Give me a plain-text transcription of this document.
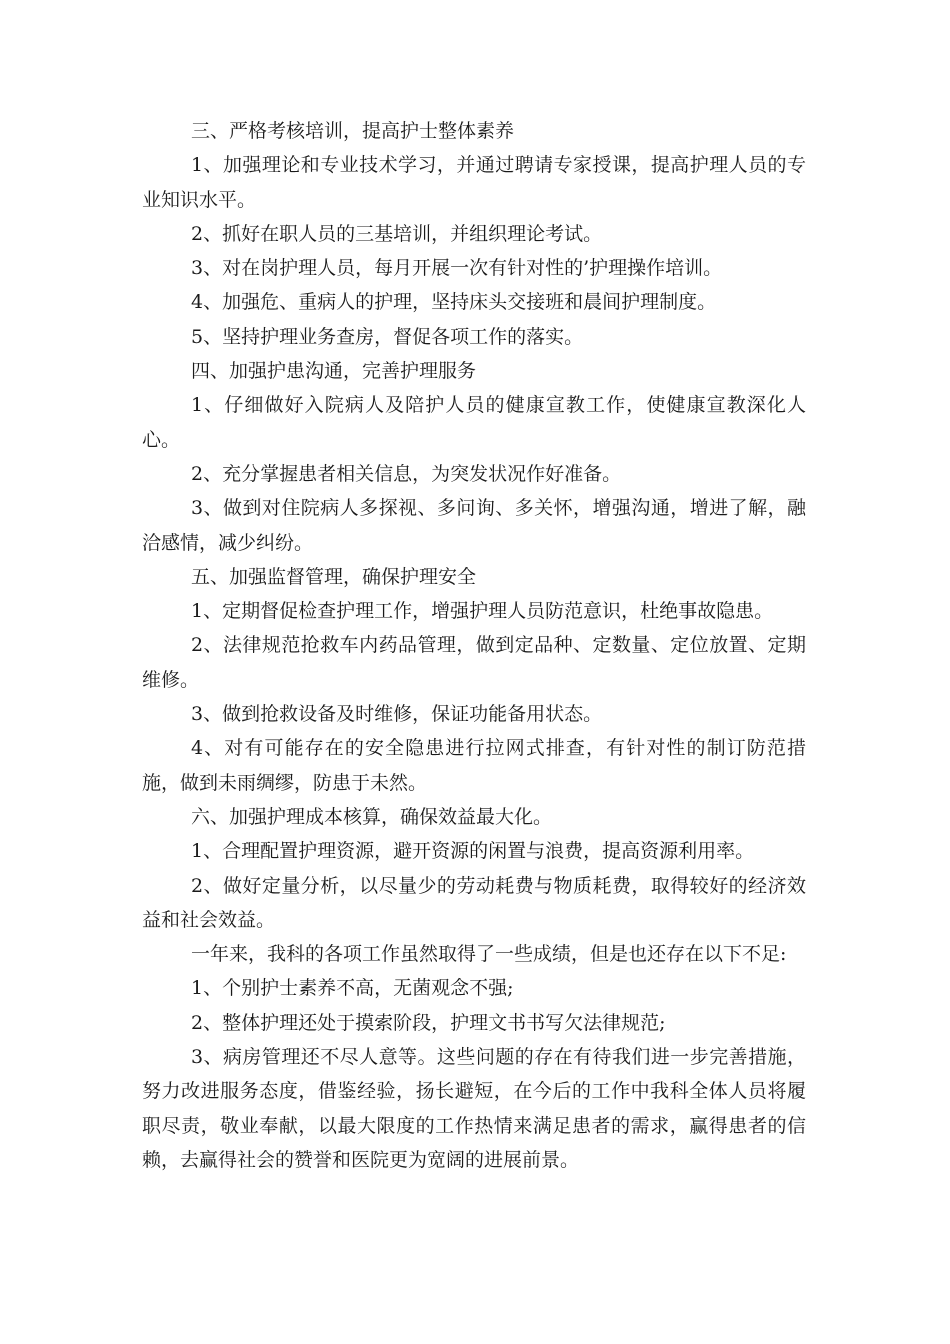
三、严格考核培训，提高护士整体素养

1、加强理论和专业技术学习，并通过聘请专家授课，提高护理人员的专业知识水平。

2、抓好在职人员的三基培训，并组织理论考试。

3、对在岗护理人员，每月开展一次有针对性的’护理操作培训。

4、加强危、重病人的护理，坚持床头交接班和晨间护理制度。

5、坚持护理业务查房，督促各项工作的落实。

四、加强护患沟通，完善护理服务

1、仔细做好入院病人及陪护人员的健康宣教工作，使健康宣教深化人心。

2、充分掌握患者相关信息，为突发状况作好准备。

3、做到对住院病人多探视、多问询、多关怀，增强沟通，增进了解，融洽感情，减少纠纷。

五、加强监督管理，确保护理安全

1、定期督促检查护理工作，增强护理人员防范意识，杜绝事故隐患。

2、法律规范抢救车内药品管理，做到定品种、定数量、定位放置、定期维修。

3、做到抢救设备及时维修，保证功能备用状态。

4、对有可能存在的安全隐患进行拉网式排查，有针对性的制订防范措施，做到未雨绸缪，防患于未然。

六、加强护理成本核算，确保效益最大化。

1、合理配置护理资源，避开资源的闲置与浪费，提高资源利用率。

2、做好定量分析，以尽量少的劳动耗费与物质耗费，取得较好的经济效益和社会效益。

一年来，我科的各项工作虽然取得了一些成绩，但是也还存在以下不足:

1、个别护士素养不高，无菌观念不强;

2、整体护理还处于摸索阶段，护理文书书写欠法律规范;

3、病房管理还不尽人意等。这些问题的存在有待我们进一步完善措施，努力改进服务态度，借鉴经验，扬长避短，在今后的工作中我科全体人员将履职尽责，敬业奉献，以最大限度的工作热情来满足患者的需求，赢得患者的信赖，去赢得社会的赞誉和医院更为宽阔的进展前景。
